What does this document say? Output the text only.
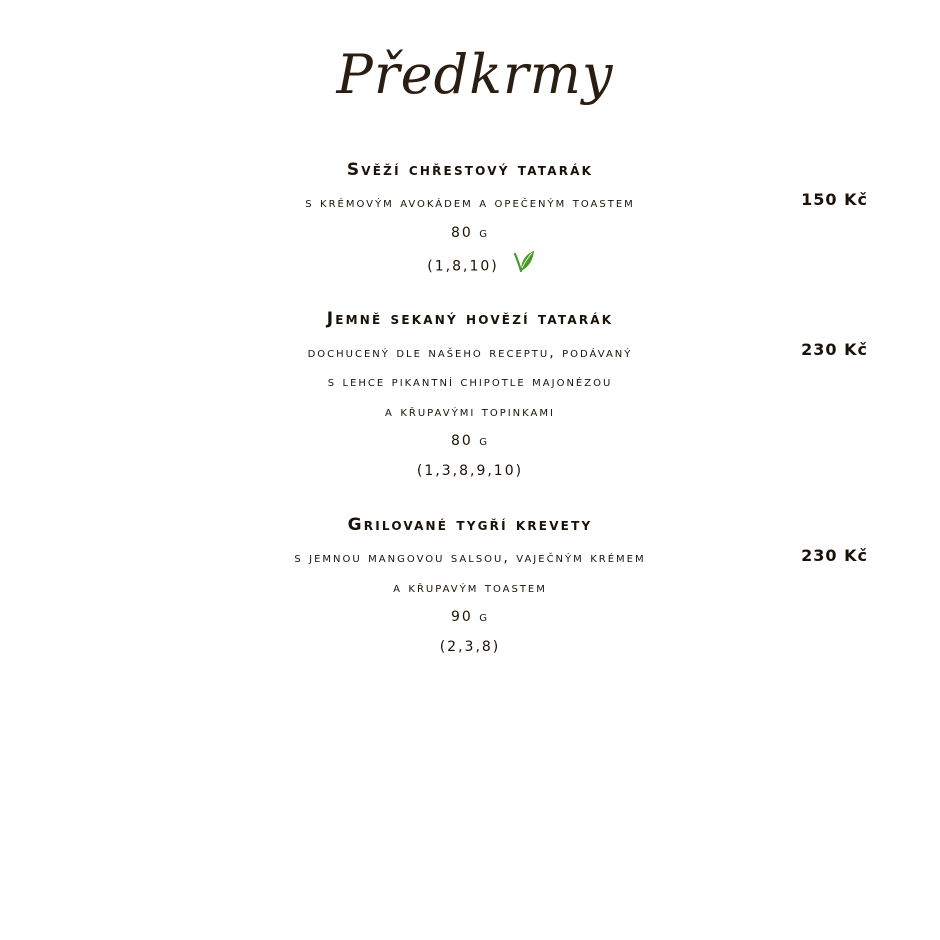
Předkrmy
Svěží chřestový tatarák
150 Kč
s krémovým avokádem a opečeným toastem
80 g
(1,8,10)
Jemně sekaný hovězí tatarák
230 Kč
dochucený dle našeho receptu, podávaný
s lehce pikantní chipotle majonézou
a křupavými topinkami
80 g
(1,3,8,9,10)
Grilované tygří krevety
230 Kč
s jemnou mangovou salsou, vaječným krémem
a křupavým toastem
90 g
(2,3,8)
